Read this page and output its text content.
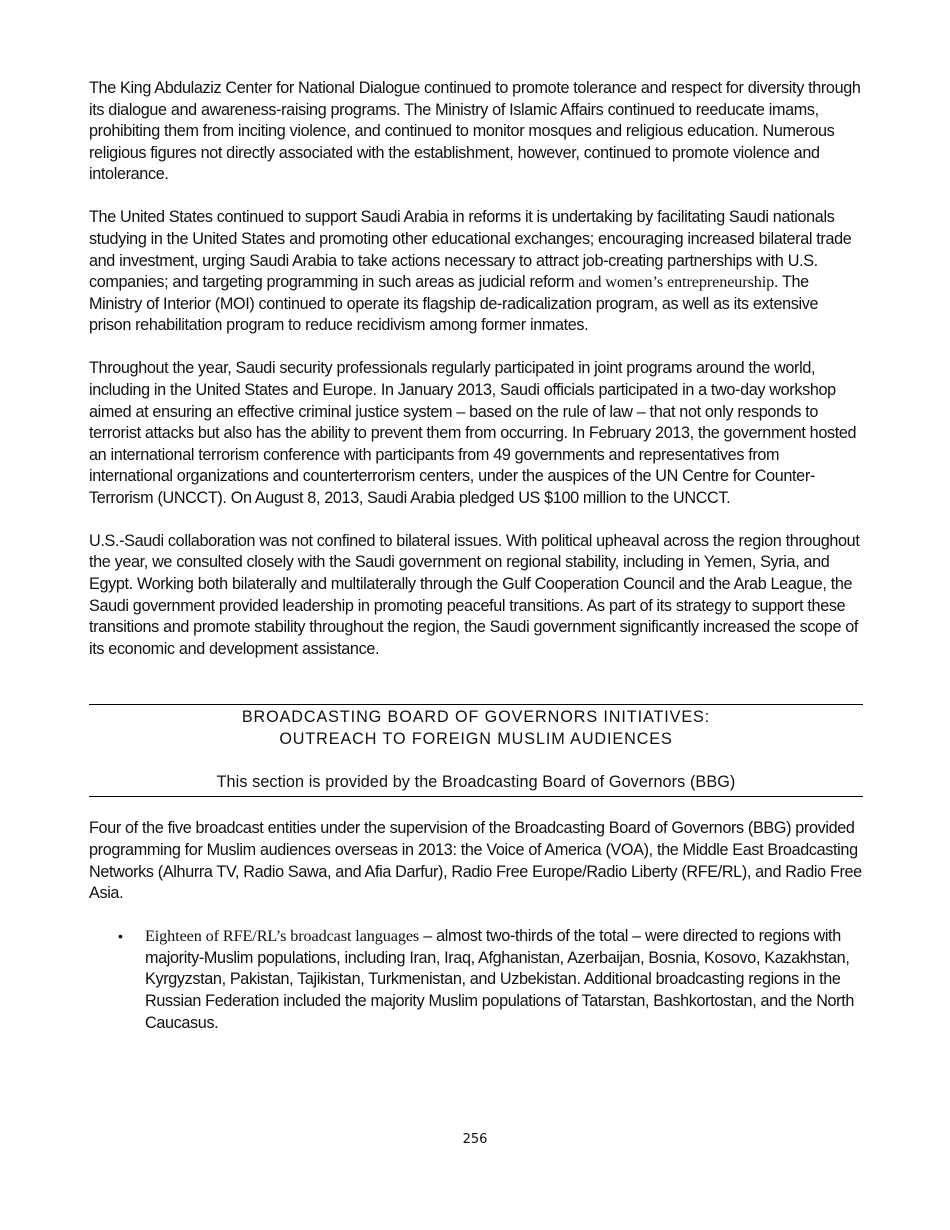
The King Abdulaziz Center for National Dialogue continued to promote tolerance and respect for diversity through its dialogue and awareness-raising programs. The Ministry of Islamic Affairs continued to reeducate imams, prohibiting them from inciting violence, and continued to monitor mosques and religious education. Numerous religious figures not directly associated with the establishment, however, continued to promote violence and intolerance.

The United States continued to support Saudi Arabia in reforms it is undertaking by facilitating Saudi nationals studying in the United States and promoting other educational exchanges; encouraging increased bilateral trade and investment, urging Saudi Arabia to take actions necessary to attract job-creating partnerships with U.S. companies; and targeting programming in such areas as judicial reform and women’s entrepreneurship. The Ministry of Interior (MOI) continued to operate its flagship de-radicalization program, as well as its extensive prison rehabilitation program to reduce recidivism among former inmates.

Throughout the year, Saudi security professionals regularly participated in joint programs around the world, including in the United States and Europe. In January 2013, Saudi officials participated in a two-day workshop aimed at ensuring an effective criminal justice system – based on the rule of law – that not only responds to terrorist attacks but also has the ability to prevent them from occurring. In February 2013, the government hosted an international terrorism conference with participants from 49 governments and representatives from international organizations and counterterrorism centers, under the auspices of the UN Centre for Counter-Terrorism (UNCCT). On August 8, 2013, Saudi Arabia pledged US $100 million to the UNCCT.

U.S.-Saudi collaboration was not confined to bilateral issues. With political upheaval across the region throughout the year, we consulted closely with the Saudi government on regional stability, including in Yemen, Syria, and Egypt. Working both bilaterally and multilaterally through the Gulf Cooperation Council and the Arab League, the Saudi government provided leadership in promoting peaceful transitions. As part of its strategy to support these transitions and promote stability throughout the region, the Saudi government significantly increased the scope of its economic and development assistance.

BROADCASTING BOARD OF GOVERNORS INITIATIVES:
OUTREACH TO FOREIGN MUSLIM AUDIENCES
This section is provided by the Broadcasting Board of Governors (BBG)

Four of the five broadcast entities under the supervision of the Broadcasting Board of Governors (BBG) provided programming for Muslim audiences overseas in 2013: the Voice of America (VOA), the Middle East Broadcasting Networks (Alhurra TV, Radio Sawa, and Afia Darfur), Radio Free Europe/Radio Liberty (RFE/RL), and Radio Free Asia.

• Eighteen of RFE/RL’s broadcast languages – almost two-thirds of the total – were directed to regions with majority-Muslim populations, including Iran, Iraq, Afghanistan, Azerbaijan, Bosnia, Kosovo, Kazakhstan, Kyrgyzstan, Pakistan, Tajikistan, Turkmenistan, and Uzbekistan. Additional broadcasting regions in the Russian Federation included the majority Muslim populations of Tatarstan, Bashkortostan, and the North Caucasus.
256
